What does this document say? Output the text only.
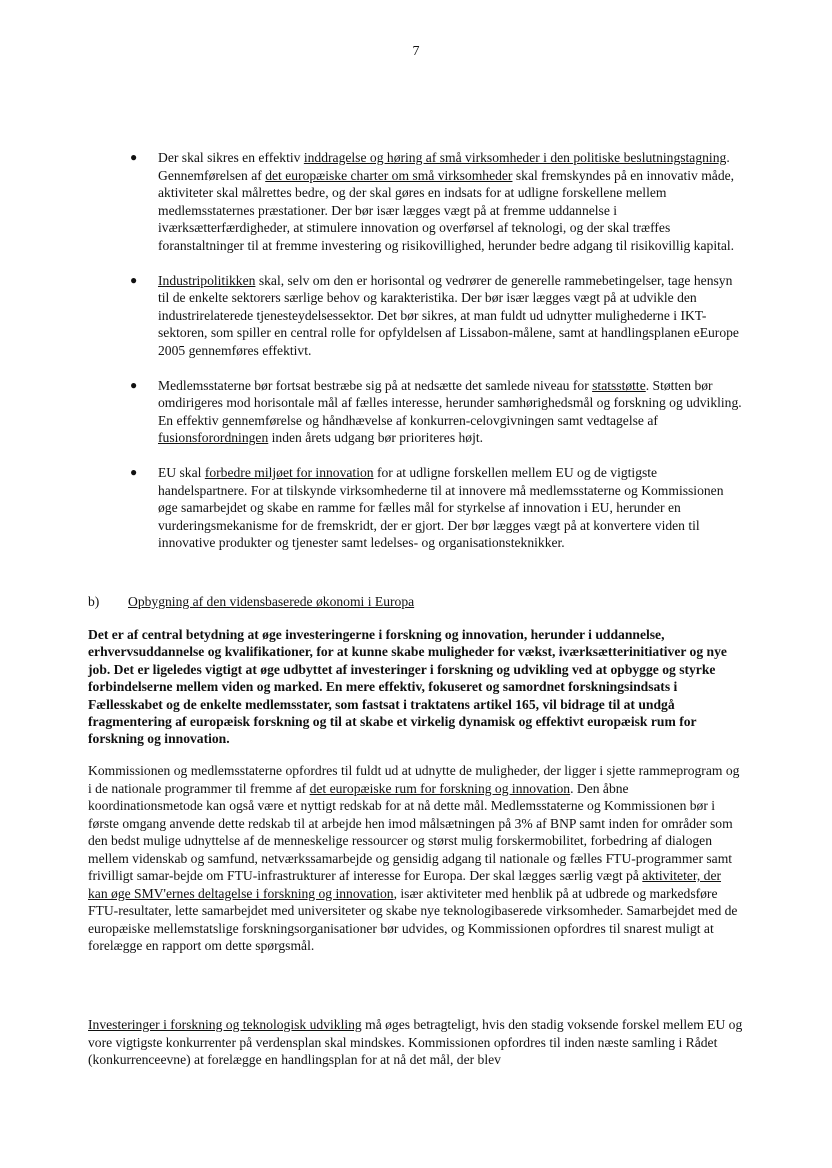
7
●	Der skal sikres en effektiv inddragelse og høring af små virksomheder i den politiske beslutningstagning. Gennemførelsen af det europæiske charter om små virksomheder skal fremskyndes på en innovativ måde, aktiviteter skal målrettes bedre, og der skal gøres en indsats for at udligne forskellene mellem medlemsstaternes præstationer. Der bør især lægges vægt på at fremme uddannelse i iværksætterfærdigheder, at stimulere innovation og overførsel af teknologi, og der skal træffes foranstaltninger til at fremme investering og risikovillighed, herunder bedre adgang til risikovillig kapital.
●	Industripolitikken skal, selv om den er horisontal og vedrører de generelle rammebetingelser, tage hensyn til de enkelte sektorers særlige behov og karakteristika. Der bør især lægges vægt på at udvikle den industrirelaterede tjenesteydelsessektor. Det bør sikres, at man fuldt ud udnytter mulighederne i IKT-sektoren, som spiller en central rolle for opfyldelsen af Lissabon-målene, samt at handlingsplanen eEurope 2005 gennemføres effektivt.
●	Medlemsstaterne bør fortsat bestræbe sig på at nedsætte det samlede niveau for statsstøtte. Støtten bør omdirigeres mod horisontale mål af fælles interesse, herunder samhørighedsmål og forskning og udvikling. En effektiv gennemførelse og håndhævelse af konkurren-celovgivningen samt vedtagelse af fusionsforordningen inden årets udgang bør prioriteres højt.
●	EU skal forbedre miljøet for innovation for at udligne forskellen mellem EU og de vigtigste handelspartnere. For at tilskynde virksomhederne til at innovere må medlemsstaterne og Kommissionen øge samarbejdet og skabe en ramme for fælles mål for styrkelse af innovation i EU, herunder en vurderingsmekanisme for de fremskridt, der er gjort. Der bør lægges vægt på at konvertere viden til innovative produkter og tjenester samt ledelses- og organisationsteknikker.
b) Opbygning af den vidensbaserede økonomi i Europa

Det er af central betydning at øge investeringerne i forskning og innovation, herunder i uddannelse, erhvervsuddannelse og kvalifikationer, for at kunne skabe muligheder for vækst, iværksætterinitiativer og nye job. Det er ligeledes vigtigt at øge udbyttet af investeringer i forskning og udvikling ved at opbygge og styrke forbindelserne mellem viden og marked. En mere effektiv, fokuseret og samordnet forskningsindsats i Fællesskabet og de enkelte medlemsstater, som fastsat i traktatens artikel 165, vil bidrage til at undgå fragmentering af europæisk forskning og til at skabe et virkelig dynamisk og effektivt europæisk rum for forskning og innovation.

Kommissionen og medlemsstaterne opfordres til fuldt ud at udnytte de muligheder, der ligger i sjette rammeprogram og i de nationale programmer til fremme af det europæiske rum for forskning og innovation. Den åbne koordinationsmetode kan også være et nyttigt redskab for at nå dette mål. Medlemsstaterne og Kommissionen bør i første omgang anvende dette redskab til at arbejde hen imod målsætningen på 3% af BNP samt inden for områder som den bedst mulige udnyttelse af de menneskelige ressourcer og størst mulig forskermobilitet, forbedring af dialogen mellem videnskab og samfund, netværkssamarbejde og gensidig adgang til nationale og fælles FTU-programmer samt frivilligt samar-bejde om FTU-infrastrukturer af interesse for Europa. Der skal lægges særlig vægt på aktiviteter, der kan øge SMV'ernes deltagelse i forskning og innovation, især aktiviteter med henblik på at udbrede og markedsføre FTU-resultater, lette samarbejdet med universiteter og skabe nye teknologibaserede virksomheder. Samarbejdet med de europæiske mellemstatslige forskningsorganisationer bør udvides, og Kommissionen opfordres til snarest muligt at forelægge en rapport om dette spørgsmål.

Investeringer i forskning og teknologisk udvikling må øges betragteligt, hvis den stadig voksende forskel mellem EU og vore vigtigste konkurrenter på verdensplan skal mindskes. Kommissionen opfordres til inden næste samling i Rådet (konkurrenceevne) at forelægge en handlingsplan for at nå det mål, der blev
